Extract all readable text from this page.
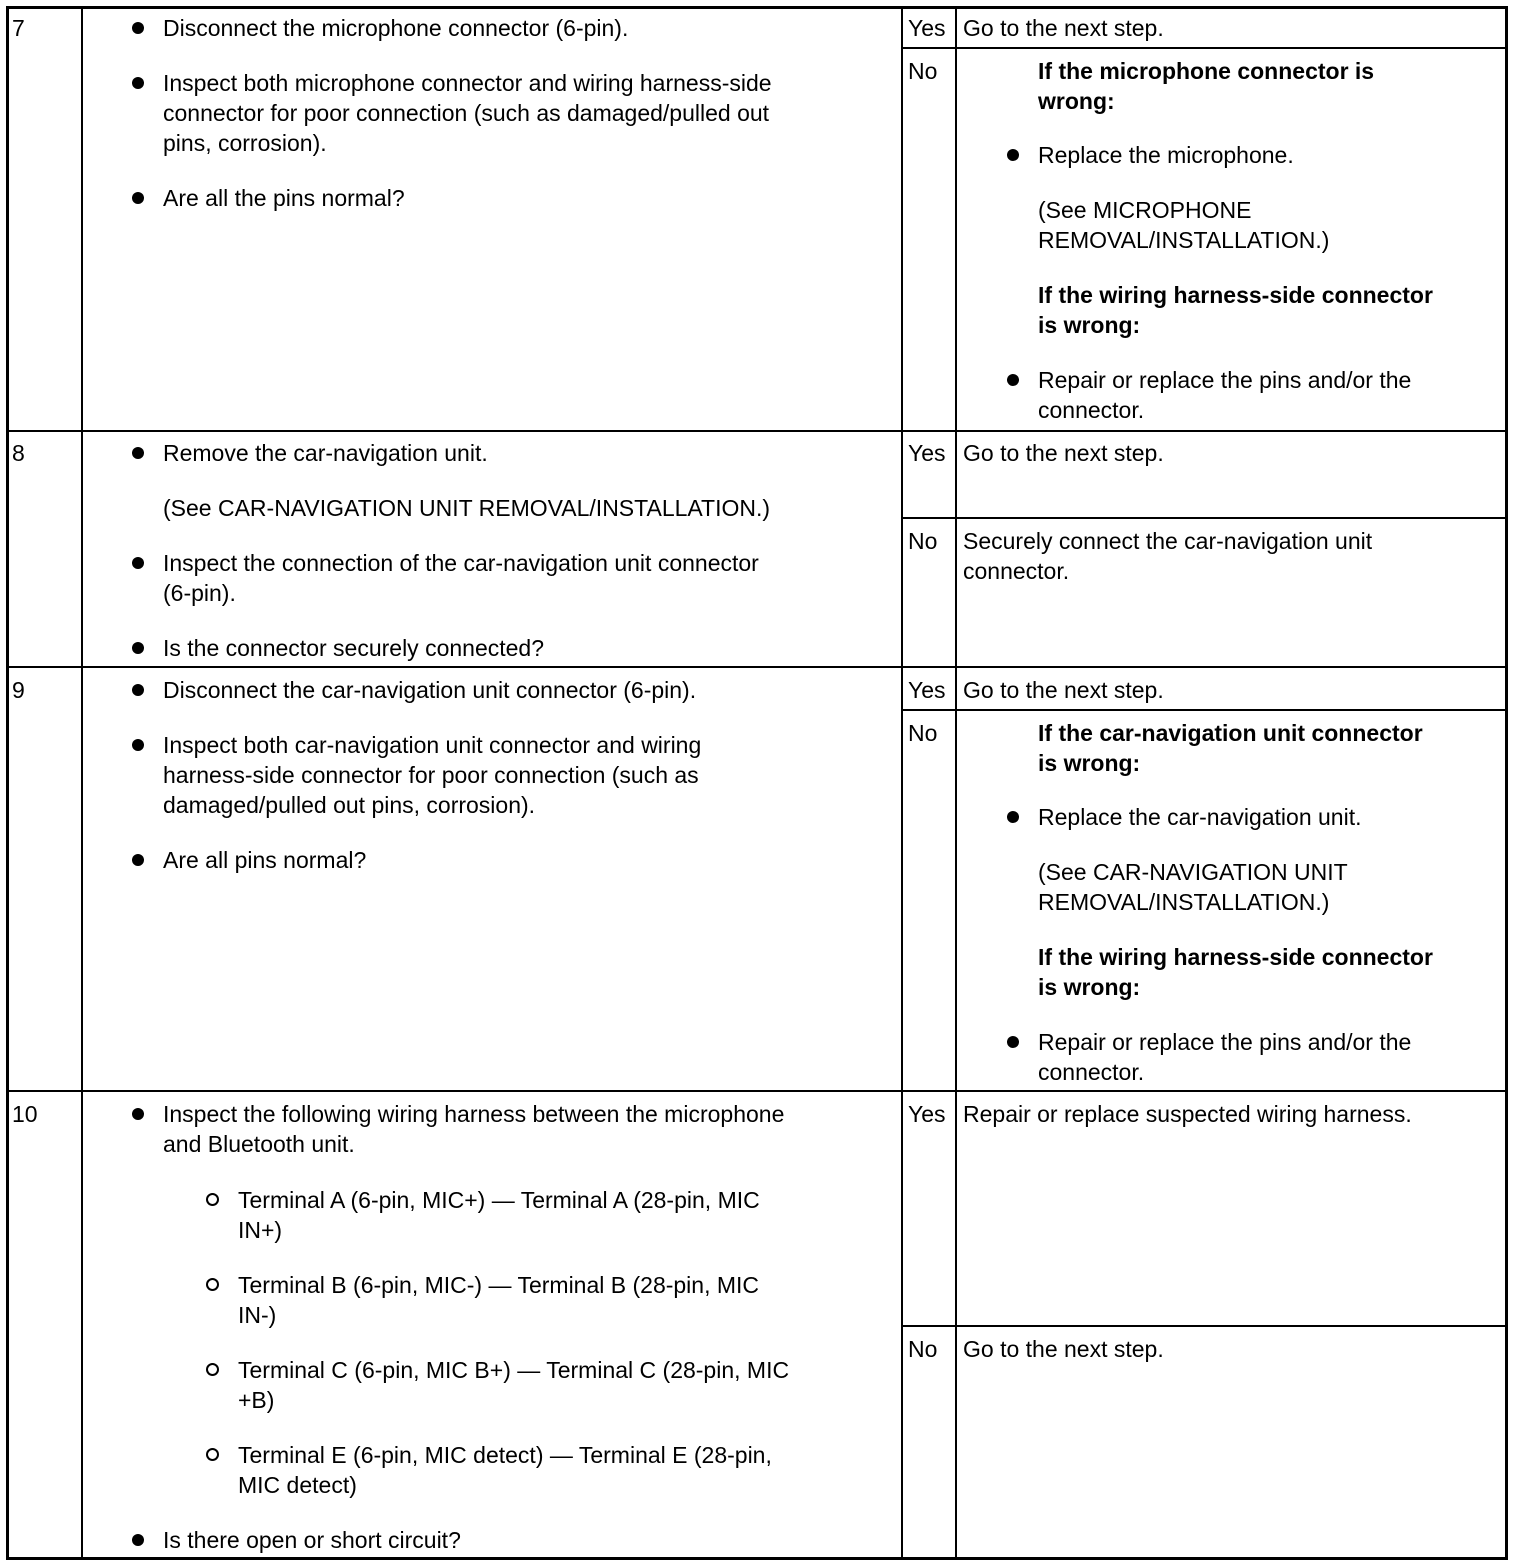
7	Disconnect the microphone connector (6-pin).
Inspect both microphone connector and wiring harness-side
connector for poor connection (such as damaged/pulled out
pins, corrosion).
Are all the pins normal?
Yes Go to the next step.
No	If the microphone connector is
wrong:
Replace the microphone.
(See MICROPHONE
REMOVAL/INSTALLATION.)
If the wiring harness-side connector
is wrong:
Repair or replace the pins and/or the
connector.
8	Remove the car-navigation unit.
(See CAR-NAVIGATION UNIT REMOVAL/INSTALLATION.)
Inspect the connection of the car-navigation unit connector
(6-pin).
Is the connector securely connected?
Yes Go to the next step.
No Securely connect the car-navigation unit
connector.
9	Disconnect the car-navigation unit connector (6-pin).
Inspect both car-navigation unit connector and wiring
harness-side connector for poor connection (such as
damaged/pulled out pins, corrosion).
Are all pins normal?
Yes Go to the next step.
No	If the car-navigation unit connector
is wrong:
Replace the car-navigation unit.
(See CAR-NAVIGATION UNIT
REMOVAL/INSTALLATION.)
If the wiring harness-side connector
is wrong:
Repair or replace the pins and/or the
connector.
10	Inspect the following wiring harness between the microphone
and Bluetooth unit.
Terminal A (6-pin, MIC+) — Terminal A (28-pin, MIC
IN+)
Terminal B (6-pin, MIC-) — Terminal B (28-pin, MIC
IN-)
Terminal C (6-pin, MIC B+) — Terminal C (28-pin, MIC
+B)
Terminal E (6-pin, MIC detect) — Terminal E (28-pin,
MIC detect)
Is there open or short circuit?
Yes Repair or replace suspected wiring harness.
No Go to the next step.
